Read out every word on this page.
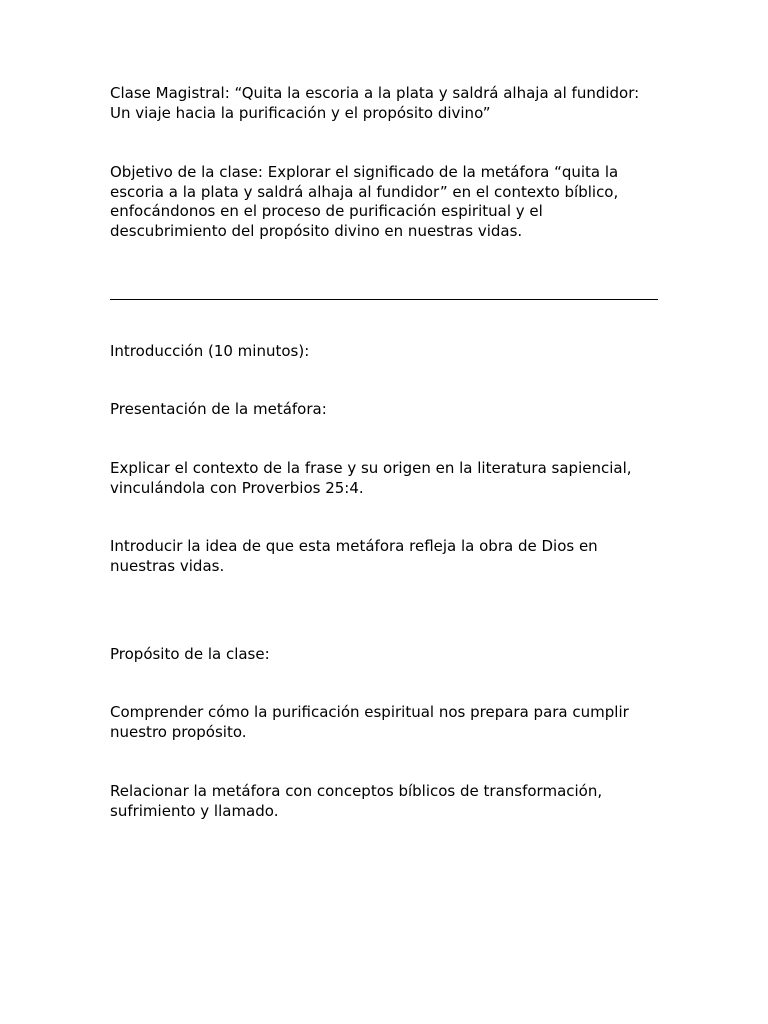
Clase Magistral: “Quita la escoria a la plata y saldrá alhaja al fundidor: Un viaje hacia la purificación y el propósito divino”

Objetivo de la clase: Explorar el significado de la metáfora “quita la escoria a la plata y saldrá alhaja al fundidor” en el contexto bíblico, enfocándonos en el proceso de purificación espiritual y el descubrimiento del propósito divino en nuestras vidas.

Introducción (10 minutos):

Presentación de la metáfora:

Explicar el contexto de la frase y su origen en la literatura sapiencial, vinculándola con Proverbios 25:4.

Introducir la idea de que esta metáfora refleja la obra de Dios en nuestras vidas.

Propósito de la clase:

Comprender cómo la purificación espiritual nos prepara para cumplir nuestro propósito.

Relacionar la metáfora con conceptos bíblicos de transformación, sufrimiento y llamado.
